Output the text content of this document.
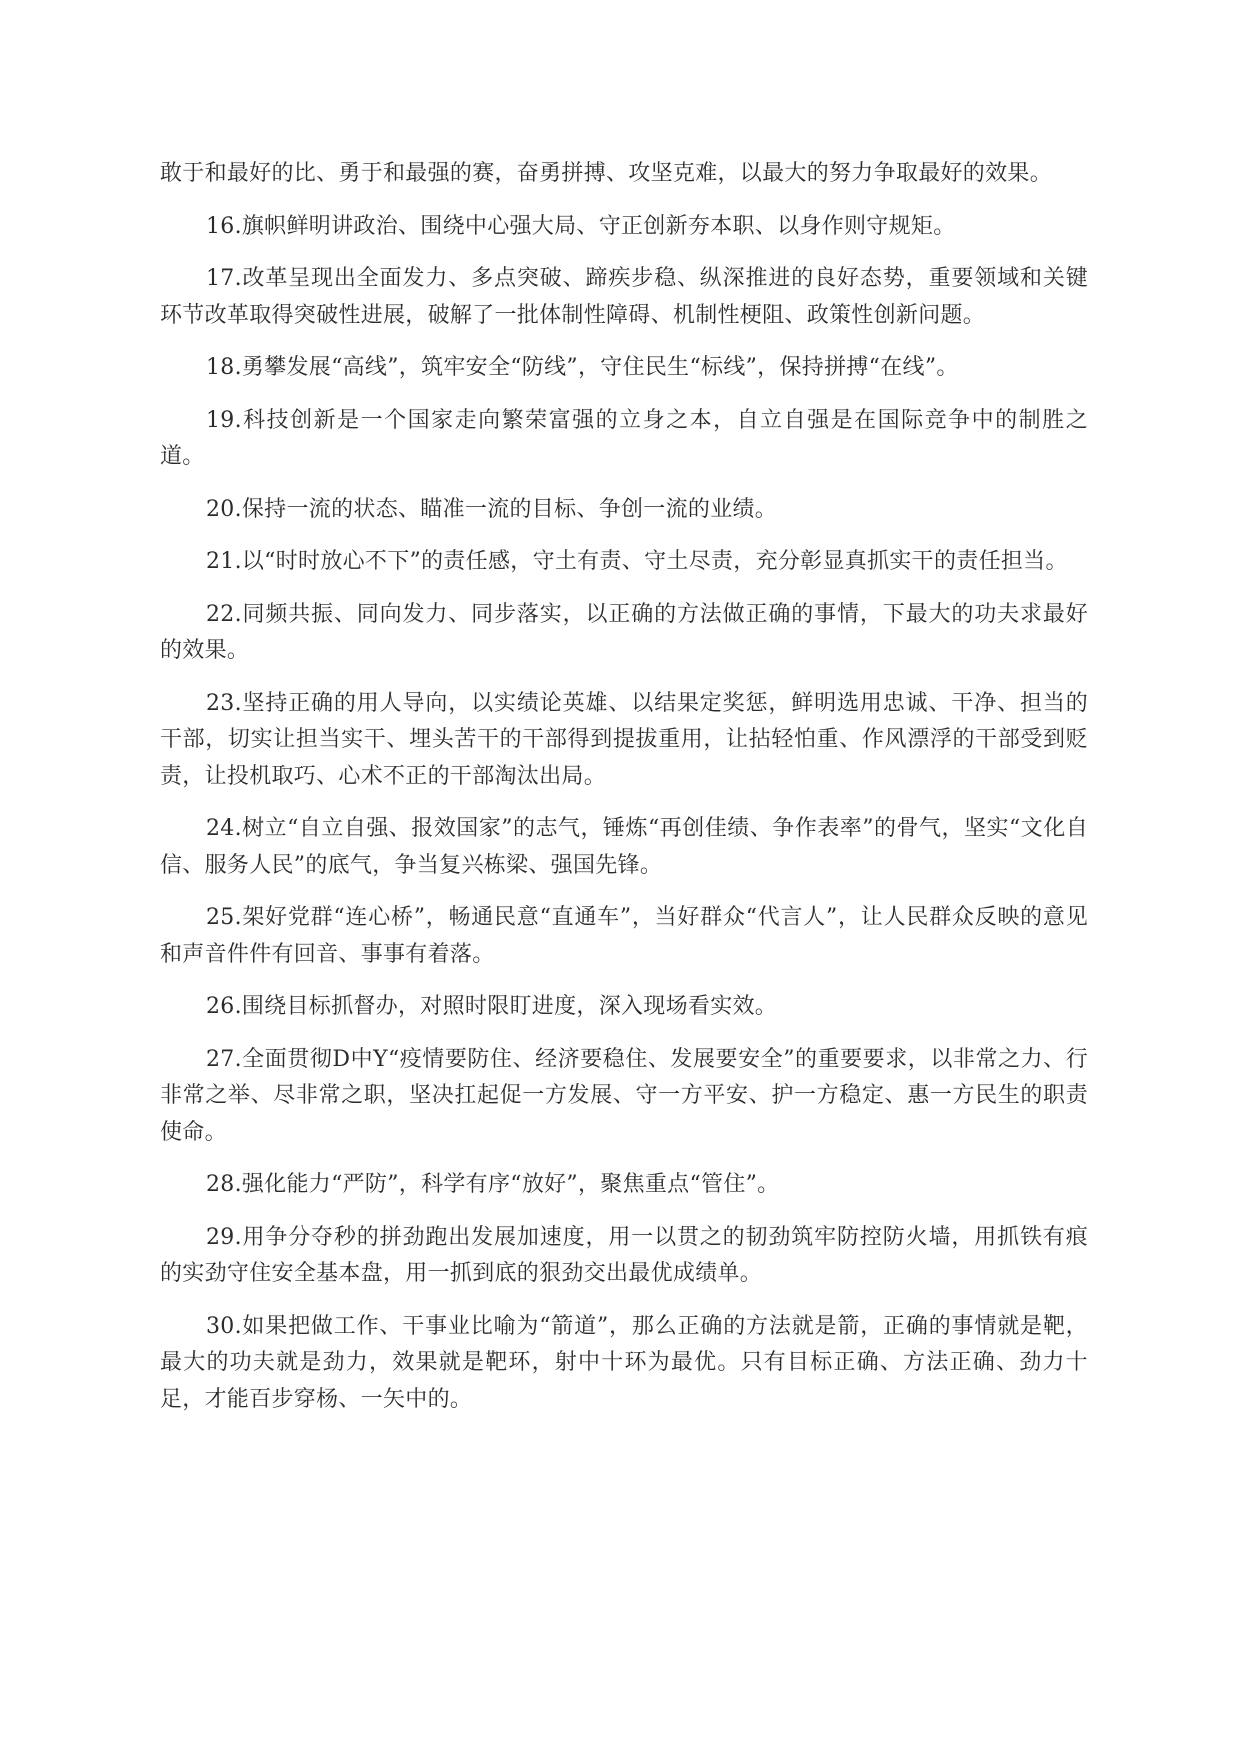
敢于和最好的比、勇于和最强的赛，奋勇拼搏、攻坚克难，以最大的努力争取最好的效果。

16.旗帜鲜明讲政治、围绕中心强大局、守正创新夯本职、以身作则守规矩。

17.改革呈现出全面发力、多点突破、蹄疾步稳、纵深推进的良好态势，重要领域和关键环节改革取得突破性进展，破解了一批体制性障碍、机制性梗阻、政策性创新问题。

18.勇攀发展“高线”，筑牢安全“防线”，守住民生“标线”，保持拼搏“在线”。

19.科技创新是一个国家走向繁荣富强的立身之本，自立自强是在国际竞争中的制胜之道。

20.保持一流的状态、瞄准一流的目标、争创一流的业绩。

21.以“时时放心不下”的责任感，守土有责、守土尽责，充分彰显真抓实干的责任担当。

22.同频共振、同向发力、同步落实，以正确的方法做正确的事情，下最大的功夫求最好的效果。

23.坚持正确的用人导向，以实绩论英雄、以结果定奖惩，鲜明选用忠诚、干净、担当的干部，切实让担当实干、埋头苦干的干部得到提拔重用，让拈轻怕重、作风漂浮的干部受到贬责，让投机取巧、心术不正的干部淘汰出局。

24.树立“自立自强、报效国家”的志气，锤炼“再创佳绩、争作表率”的骨气，坚实“文化自信、服务人民”的底气，争当复兴栋梁、强国先锋。

25.架好党群“连心桥”，畅通民意“直通车”，当好群众“代言人”，让人民群众反映的意见和声音件件有回音、事事有着落。

26.围绕目标抓督办，对照时限盯进度，深入现场看实效。

27.全面贯彻D中Y“疫情要防住、经济要稳住、发展要安全”的重要要求，以非常之力、行非常之举、尽非常之职，坚决扛起促一方发展、守一方平安、护一方稳定、惠一方民生的职责使命。

28.强化能力“严防”，科学有序“放好”，聚焦重点“管住”。

29.用争分夺秒的拼劲跑出发展加速度，用一以贯之的韧劲筑牢防控防火墙，用抓铁有痕的实劲守住安全基本盘，用一抓到底的狠劲交出最优成绩单。

30.如果把做工作、干事业比喻为“箭道”，那么正确的方法就是箭，正确的事情就是靶，最大的功夫就是劲力，效果就是靶环，射中十环为最优。只有目标正确、方法正确、劲力十足，才能百步穿杨、一矢中的。
